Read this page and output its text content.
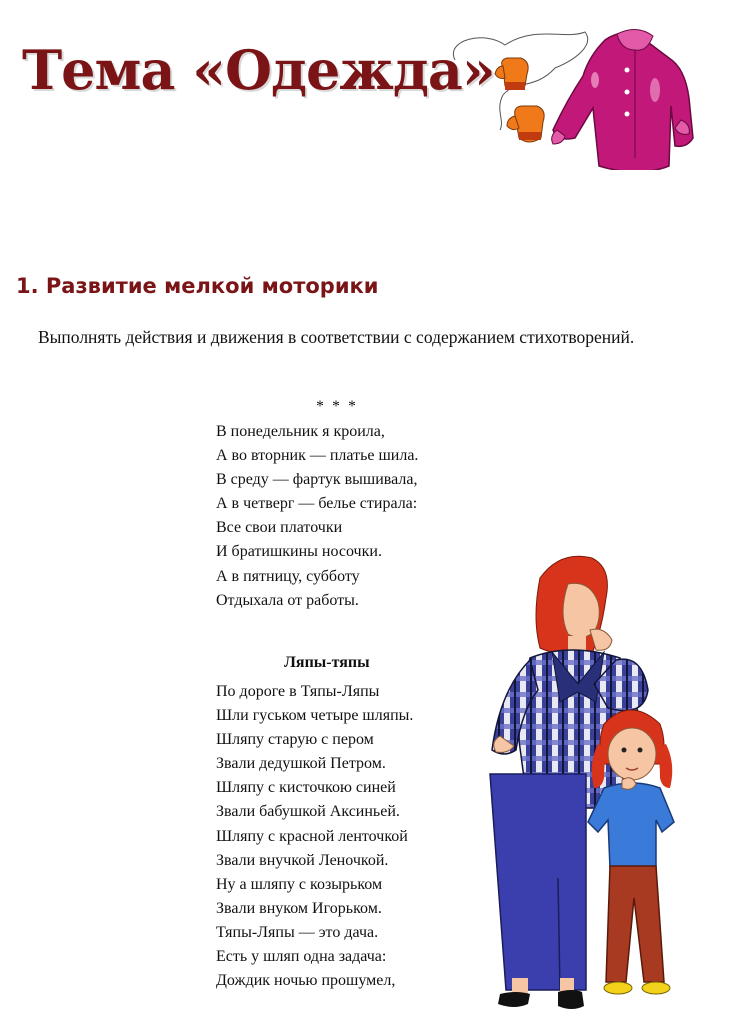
Тема «Одежда»
1. Развитие мелкой моторики

Выполнять действия и движения в соответствии с содержанием стихотворений.

* * *
В понедельник я кроила,
А во вторник — платье шила.
В среду — фартук вышивала,
А в четверг — белье стирала:
Все свои платочки
И братишкины носочки.
А в пятницу, субботу
Отдыхала от работы.
Ляпы-тяпы
По дороге в Тяпы-Ляпы
Шли гуськом четыре шляпы.
Шляпу старую с пером
Звали дедушкой Петром.
Шляпу с кисточкою синей
Звали бабушкой Аксиньей.
Шляпу с красной ленточкой
Звали внучкой Леночкой.
Ну а шляпу с козырьком
Звали внуком Игорьком.
Тяпы-Ляпы — это дача.
Есть у шляп одна задача:
Дождик ночью прошумел,
